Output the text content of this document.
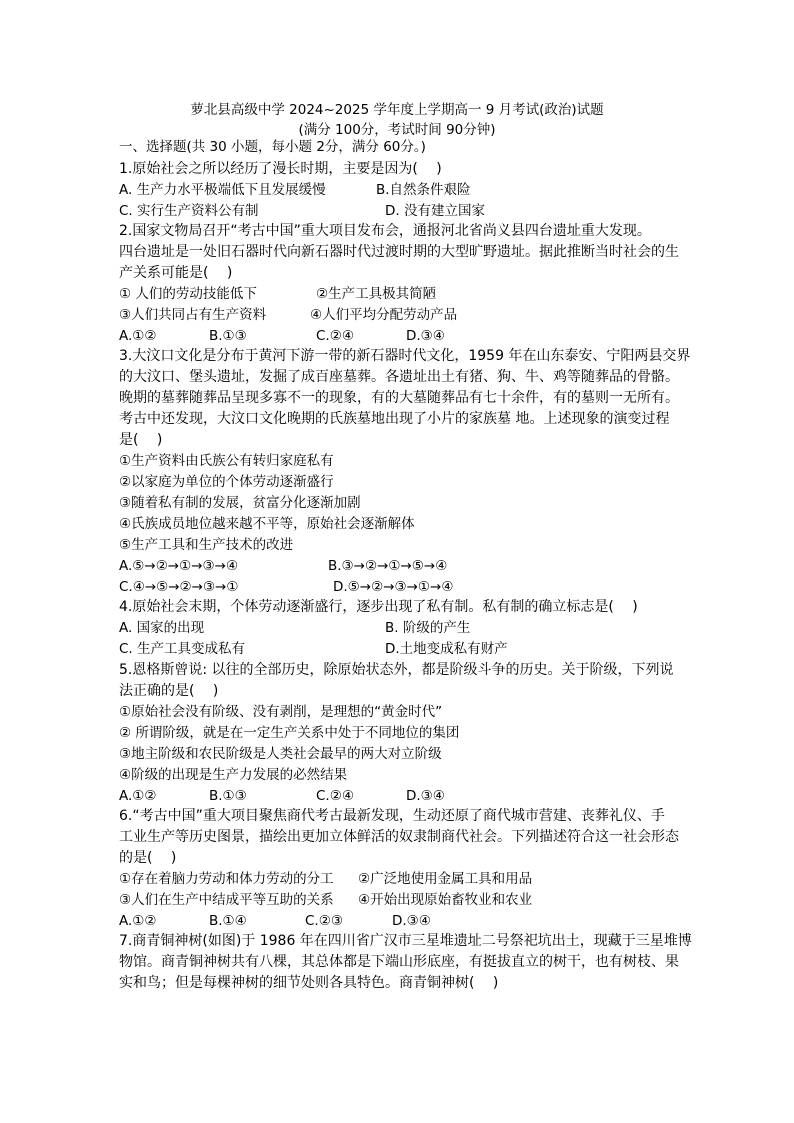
萝北县高级中学 2024~2025 学年度上学期高一 9 月考试(政治)试题
(满分 100分，考试时间 90分钟)
一、选择题(共 30 小题，每小题 2分，满分 60分。)
1.原始社会之所以经历了漫长时期，主要是因为(　 )
A. 生产力水平极端低下且发展缓慢	B.自然条件艰险
C. 实行生产资料公有制	D. 没有建立国家
2.国家文物局召开“考古中国”重大项目发布会，通报河北省尚义县四台遗址重大发现。
四台遗址是一处旧石器时代向新石器时代过渡时期的大型旷野遗址。据此推断当时社会的生
产关系可能是(　 )
① 人们的劳动技能低下	②生产工具极其简陋
③人们共同占有生产资料	④人们平均分配劳动产品
A.①②	B.①③	C.②④	D.③④
3.大汶口文化是分布于黄河下游一带的新石器时代文化，1959 年在山东泰安、宁阳两县交界
的大汶口、堡头遗址，发掘了成百座墓葬。各遗址出土有猪、狗、牛、鸡等随葬品的骨骼。
晚期的墓葬随葬品呈现多寡不一的现象，有的大墓随葬品有七十余件，有的墓则一无所有。
考古中还发现，大汶口文化晚期的氏族墓地出现了小片的家族墓 地。上述现象的演变过程
是(　 )
①生产资料由氏族公有转归家庭私有
②以家庭为单位的个体劳动逐渐盛行
③随着私有制的发展，贫富分化逐渐加剧
④氏族成员地位越来越不平等，原始社会逐渐解体
⑤生产工具和生产技术的改进
A.⑤→②→①→③→④	B.③→②→①→⑤→④
C.④→⑤→②→③→①	D.⑤→②→③→①→④
4.原始社会末期，个体劳动逐渐盛行，逐步出现了私有制。私有制的确立标志是(　 )
A. 国家的出现	B. 阶级的产生
C. 生产工具变成私有	D.土地变成私有财产
5.恩格斯曾说: 以往的全部历史，除原始状态外，都是阶级斗争的历史。关于阶级，下列说
法正确的是(　 )
①原始社会没有阶级、没有剥削，是理想的“黄金时代”
② 所谓阶级，就是在一定生产关系中处于不同地位的集团
③地主阶级和农民阶级是人类社会最早的两大对立阶级
④阶级的出现是生产力发展的必然结果
A.①②	B.①③	C.②④	D.③④
6.“考古中国”重大项目聚焦商代考古最新发现，生动还原了商代城市营建、丧葬礼仪、手
工业生产等历史图景，描绘出更加立体鲜活的奴隶制商代社会。下列描述符合这一社会形态
的是(　 )
①存在着脑力劳动和体力劳动的分工 ②广泛地使用金属工具和用品
③人们在生产中结成平等互助的关系 ④开始出现原始畜牧业和农业
A.①②	B.①④	C.②③	D.③④
7.商青铜神树(如图)于 1986 年在四川省广汉市三星堆遗址二号祭祀坑出土，现藏于三星堆博
物馆。商青铜神树共有八棵，其总体都是下端山形底座，有挺拔直立的树干，也有树枝、果
实和鸟；但是每棵神树的细节处则各具特色。商青铜神树(　 )
